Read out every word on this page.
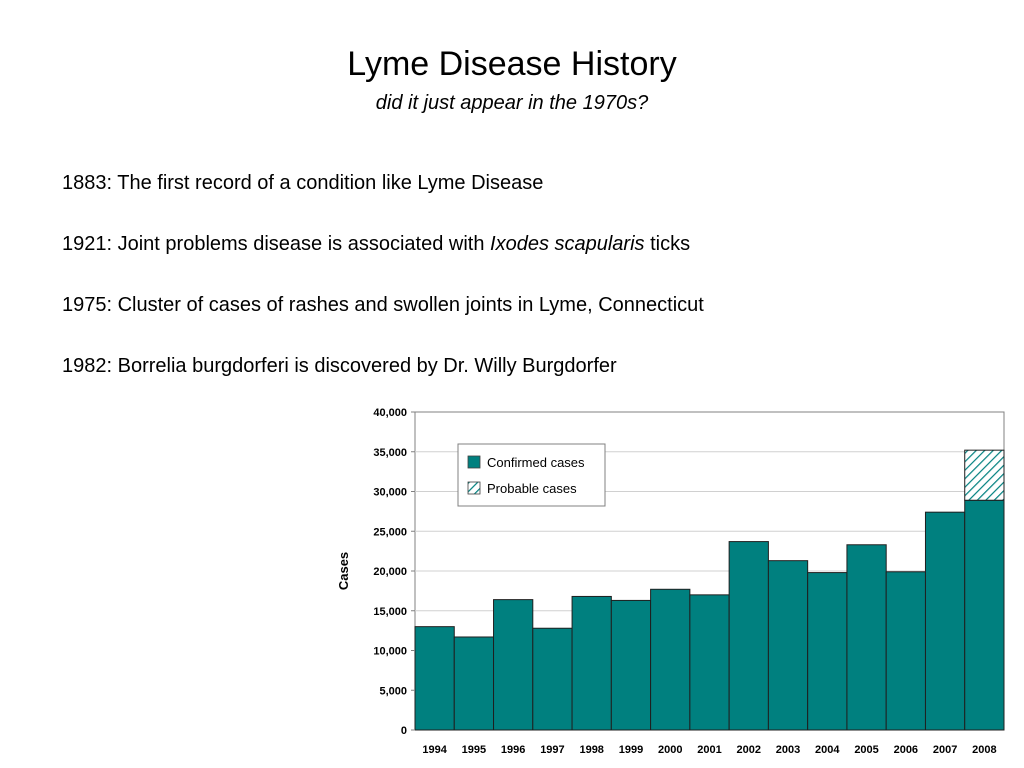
Lyme Disease History
did it just appear in the 1970s?
1883: The first record of a condition like Lyme Disease
1921: Joint problems disease is associated with Ixodes scapularis ticks
1975: Cluster of cases of rashes and swollen joints in Lyme, Connecticut
1982: Borrelia burgdorferi is discovered by Dr. Willy Burgdorfer
0
5,000
10,000
15,000
20,000
25,000
30,000
35,000
40,000
1994 1995 1996 1997 1998 1999 2000 2001 2002 2003 2004 2005 2006 2007 2008
Cases
Confirmed cases
Probable cases
